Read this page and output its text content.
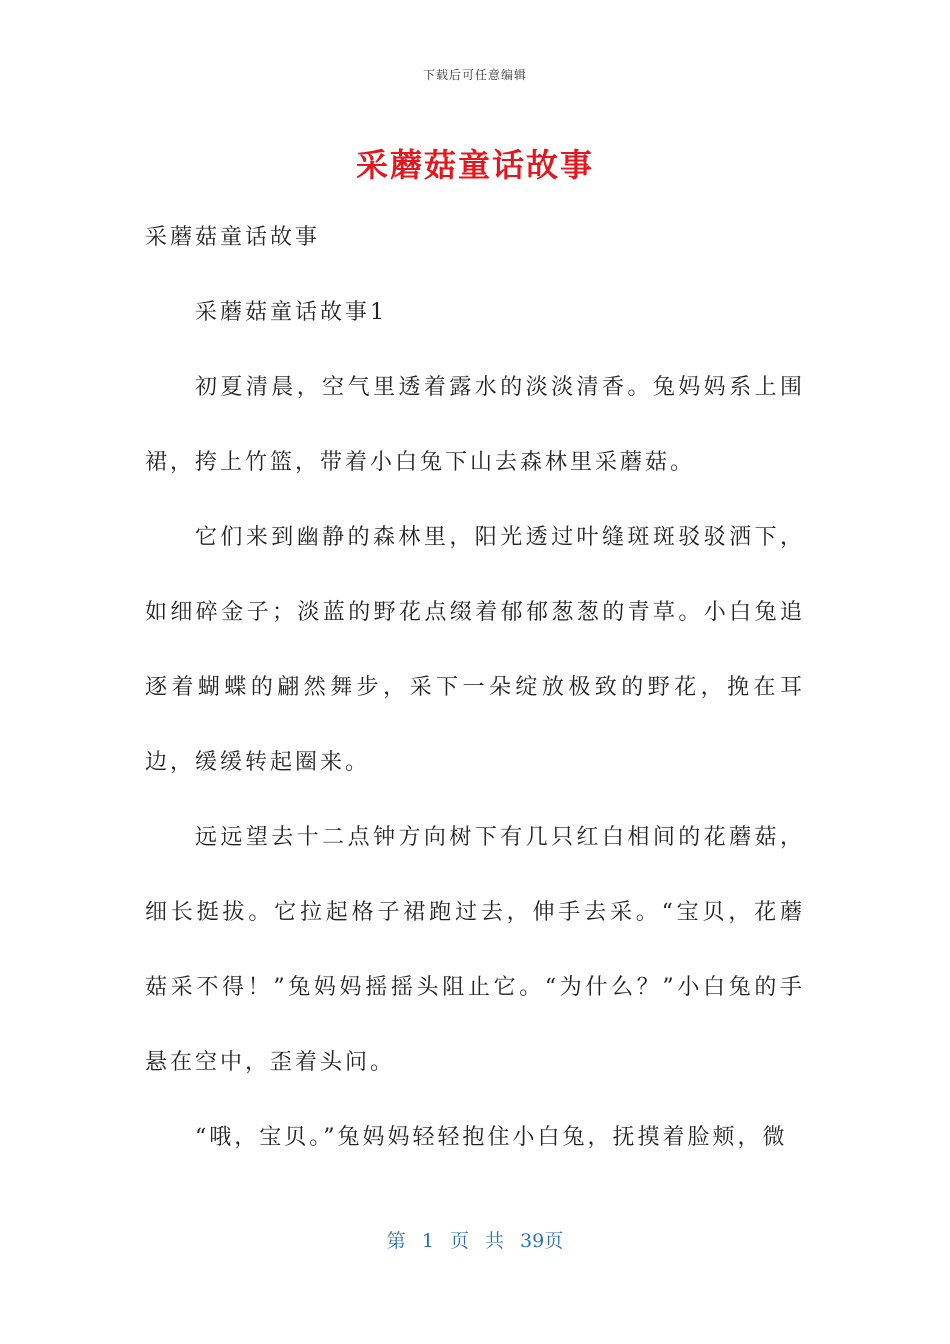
下载后可任意编辑
采蘑菇童话故事

采蘑菇童话故事

采蘑菇童话故事1

初夏清晨，空气里透着露水的淡淡清香。兔妈妈系上围裙，挎上竹篮，带着小白兔下山去森林里采蘑菇。

它们来到幽静的森林里，阳光透过叶缝斑斑驳驳洒下，如细碎金子；淡蓝的野花点缀着郁郁葱葱的青草。小白兔追逐着蝴蝶的翩然舞步，采下一朵绽放极致的野花，挽在耳边，缓缓转起圈来。

远远望去十二点钟方向树下有几只红白相间的花蘑菇，细长挺拔。它拉起格子裙跑过去，伸手去采。“宝贝，花蘑菇采不得！”兔妈妈摇摇头阻止它。“为什么？”小白兔的手悬在空中，歪着头问。

“哦，宝贝。”兔妈妈轻轻抱住小白兔，抚摸着脸颊，微

第 1 页 共 39页
